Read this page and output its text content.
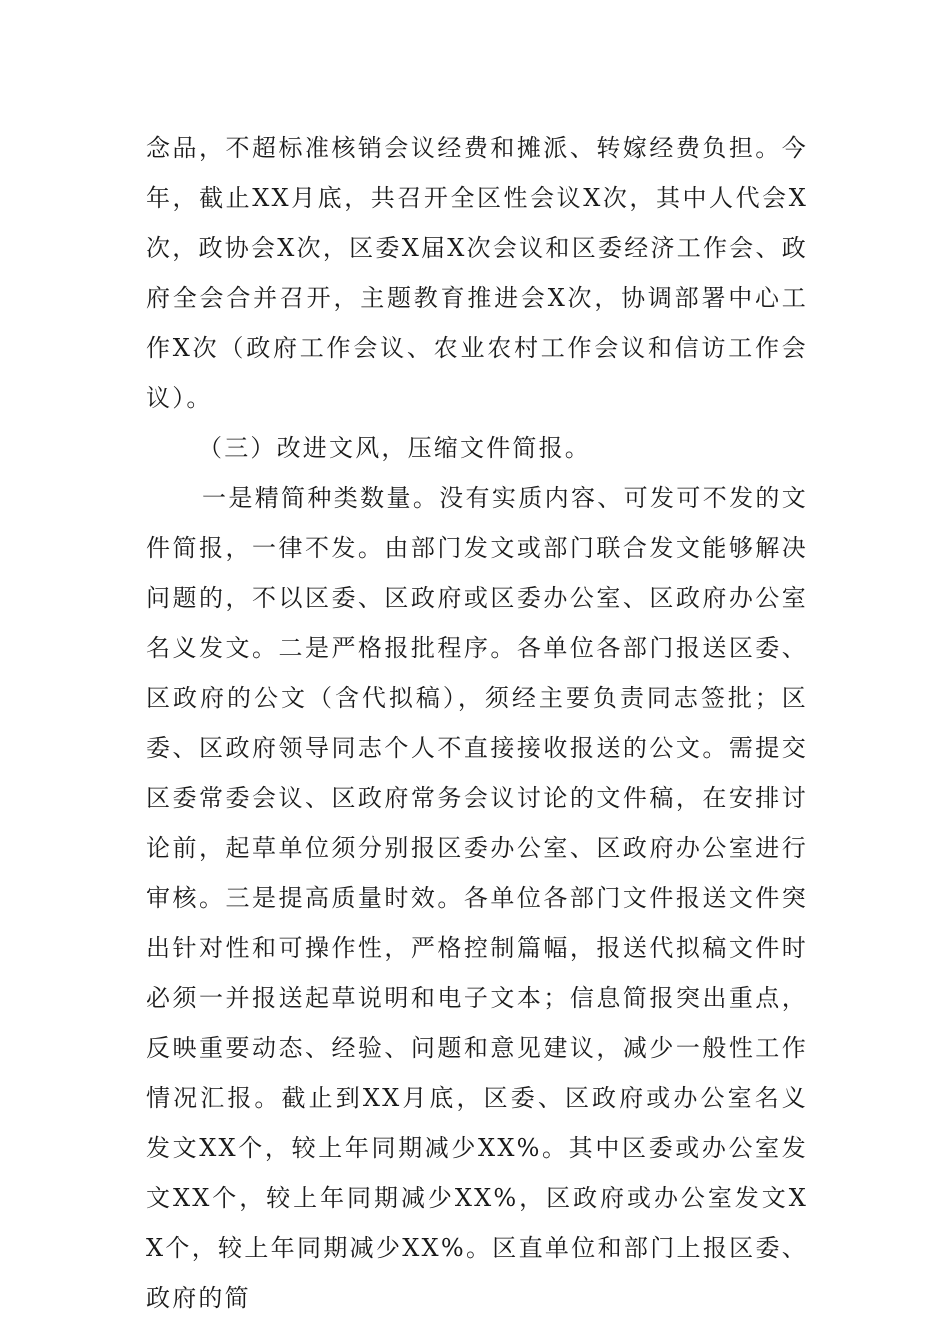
念品，不超标准核销会议经费和摊派、转嫁经费负担。今年，截止XX月底，共召开全区性会议X次，其中人代会X次，政协会X次，区委X届X次会议和区委经济工作会、政府全会合并召开，主题教育推进会X次，协调部署中心工作X次（政府工作会议、农业农村工作会议和信访工作会议）。

（三）改进文风，压缩文件简报。

一是精简种类数量。没有实质内容、可发可不发的文件简报，一律不发。由部门发文或部门联合发文能够解决问题的，不以区委、区政府或区委办公室、区政府办公室名义发文。二是严格报批程序。各单位各部门报送区委、区政府的公文（含代拟稿），须经主要负责同志签批；区委、区政府领导同志个人不直接接收报送的公文。需提交区委常委会议、区政府常务会议讨论的文件稿，在安排讨论前，起草单位须分别报区委办公室、区政府办公室进行审核。三是提高质量时效。各单位各部门文件报送文件突出针对性和可操作性，严格控制篇幅，报送代拟稿文件时必须一并报送起草说明和电子文本；信息简报突出重点，反映重要动态、经验、问题和意见建议，减少一般性工作情况汇报。截止到XX月底，区委、区政府或办公室名义发文XX个，较上年同期减少XX%。其中区委或办公室发文XX个，较上年同期减少XX%，区政府或办公室发文XX个，较上年同期减少XX%。区直单位和部门上报区委、政府的简
